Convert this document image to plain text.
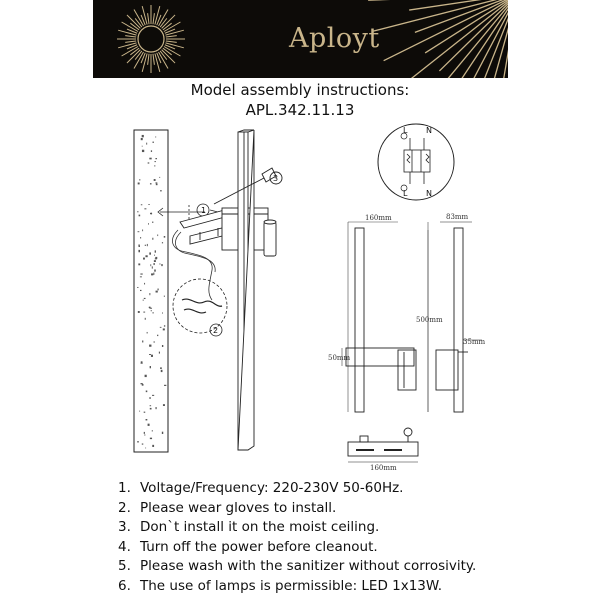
Aployt
Model assembly instructions:
APL.342.11.13
1
2
3
L N
L N
160mm
500mm
50mm
83mm
35mm
160mm
1. Voltage/Frequency: 220-230V 50-60Hz.
2. Please wear gloves to install.
3. Don`t install it on the moist ceiling.
4. Turn off the power before cleanout.
5. Please wash with the sanitizer without corrosivity.
6. The use of lamps is permissible: LED 1x13W.
